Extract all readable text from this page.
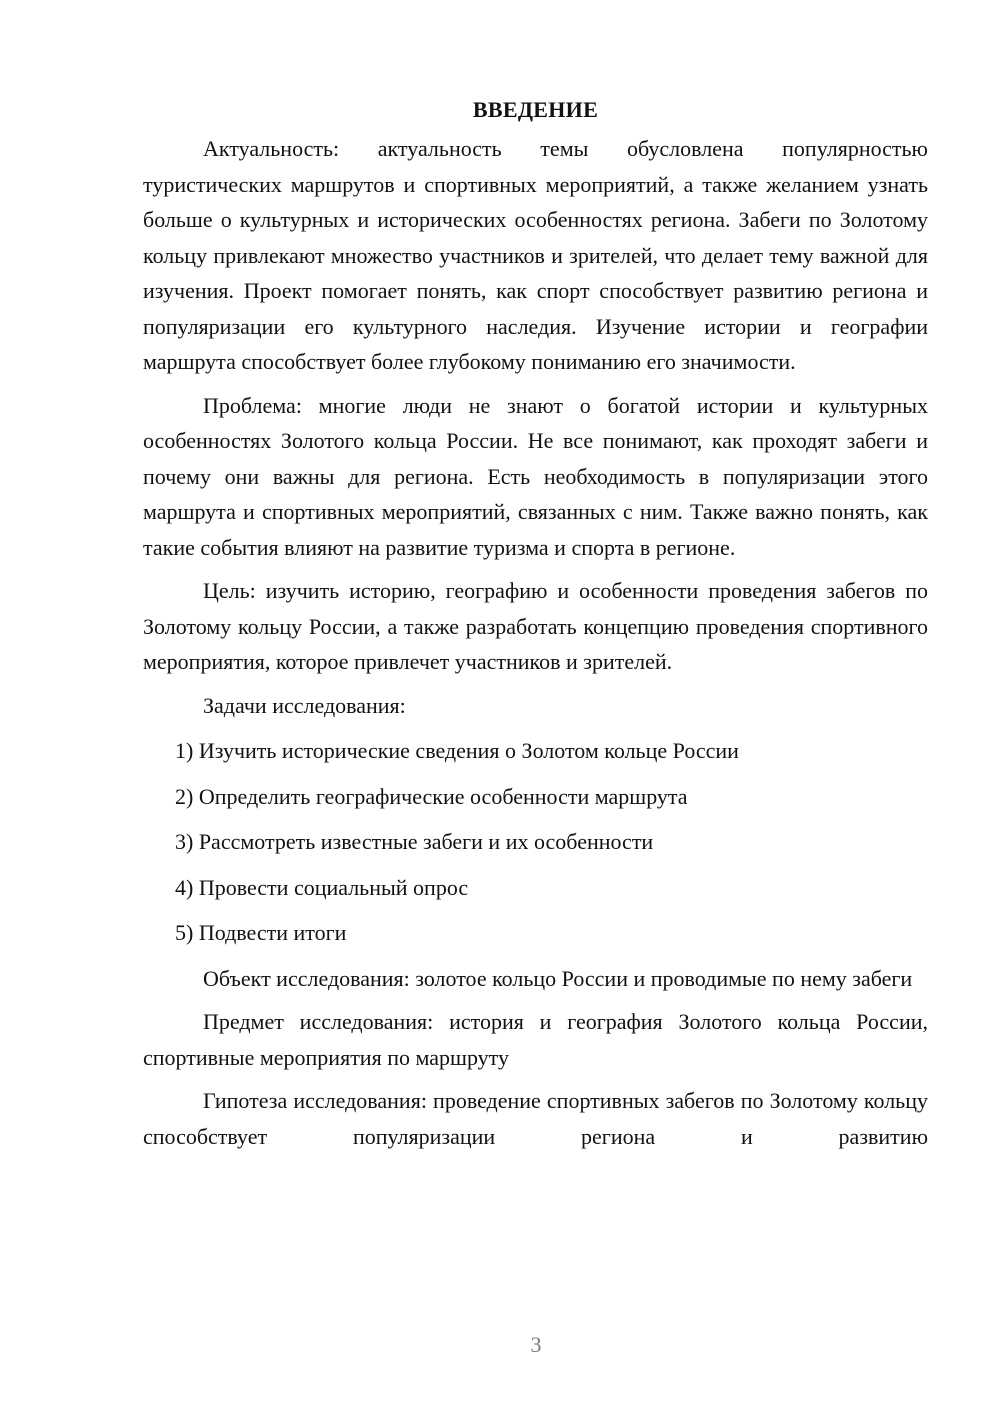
ВВЕДЕНИЕ

Актуальность: актуальность темы обусловлена популярностью туристических маршрутов и спортивных мероприятий, а также желанием узнать больше о культурных и исторических особенностях региона. Забеги по Золотому кольцу привлекают множество участников и зрителей, что делает тему важной для изучения. Проект помогает понять, как спорт способствует развитию региона и популяризации его культурного наследия. Изучение истории и географии маршрута способствует более глубокому пониманию его значимости.

Проблема: многие люди не знают о богатой истории и культурных особенностях Золотого кольца России. Не все понимают, как проходят забеги и почему они важны для региона. Есть необходимость в популяризации этого маршрута и спортивных мероприятий, связанных с ним. Также важно понять, как такие события влияют на развитие туризма и спорта в регионе.

Цель: изучить историю, географию и особенности проведения забегов по Золотому кольцу России, а также разработать концепцию проведения спортивного мероприятия, которое привлечет участников и зрителей.

Задачи исследования:
1) Изучить исторические сведения о Золотом кольце России
2) Определить географические особенности маршрута
3) Рассмотреть известные забеги и их особенности
4) Провести социальный опрос
5) Подвести итоги

Объект исследования: золотое кольцо России и проводимые по нему забеги

Предмет исследования: история и география Золотого кольца России, спортивные мероприятия по маршруту

Гипотеза исследования: проведение спортивных забегов по Золотому кольцу способствует популяризации региона и развитию

3
